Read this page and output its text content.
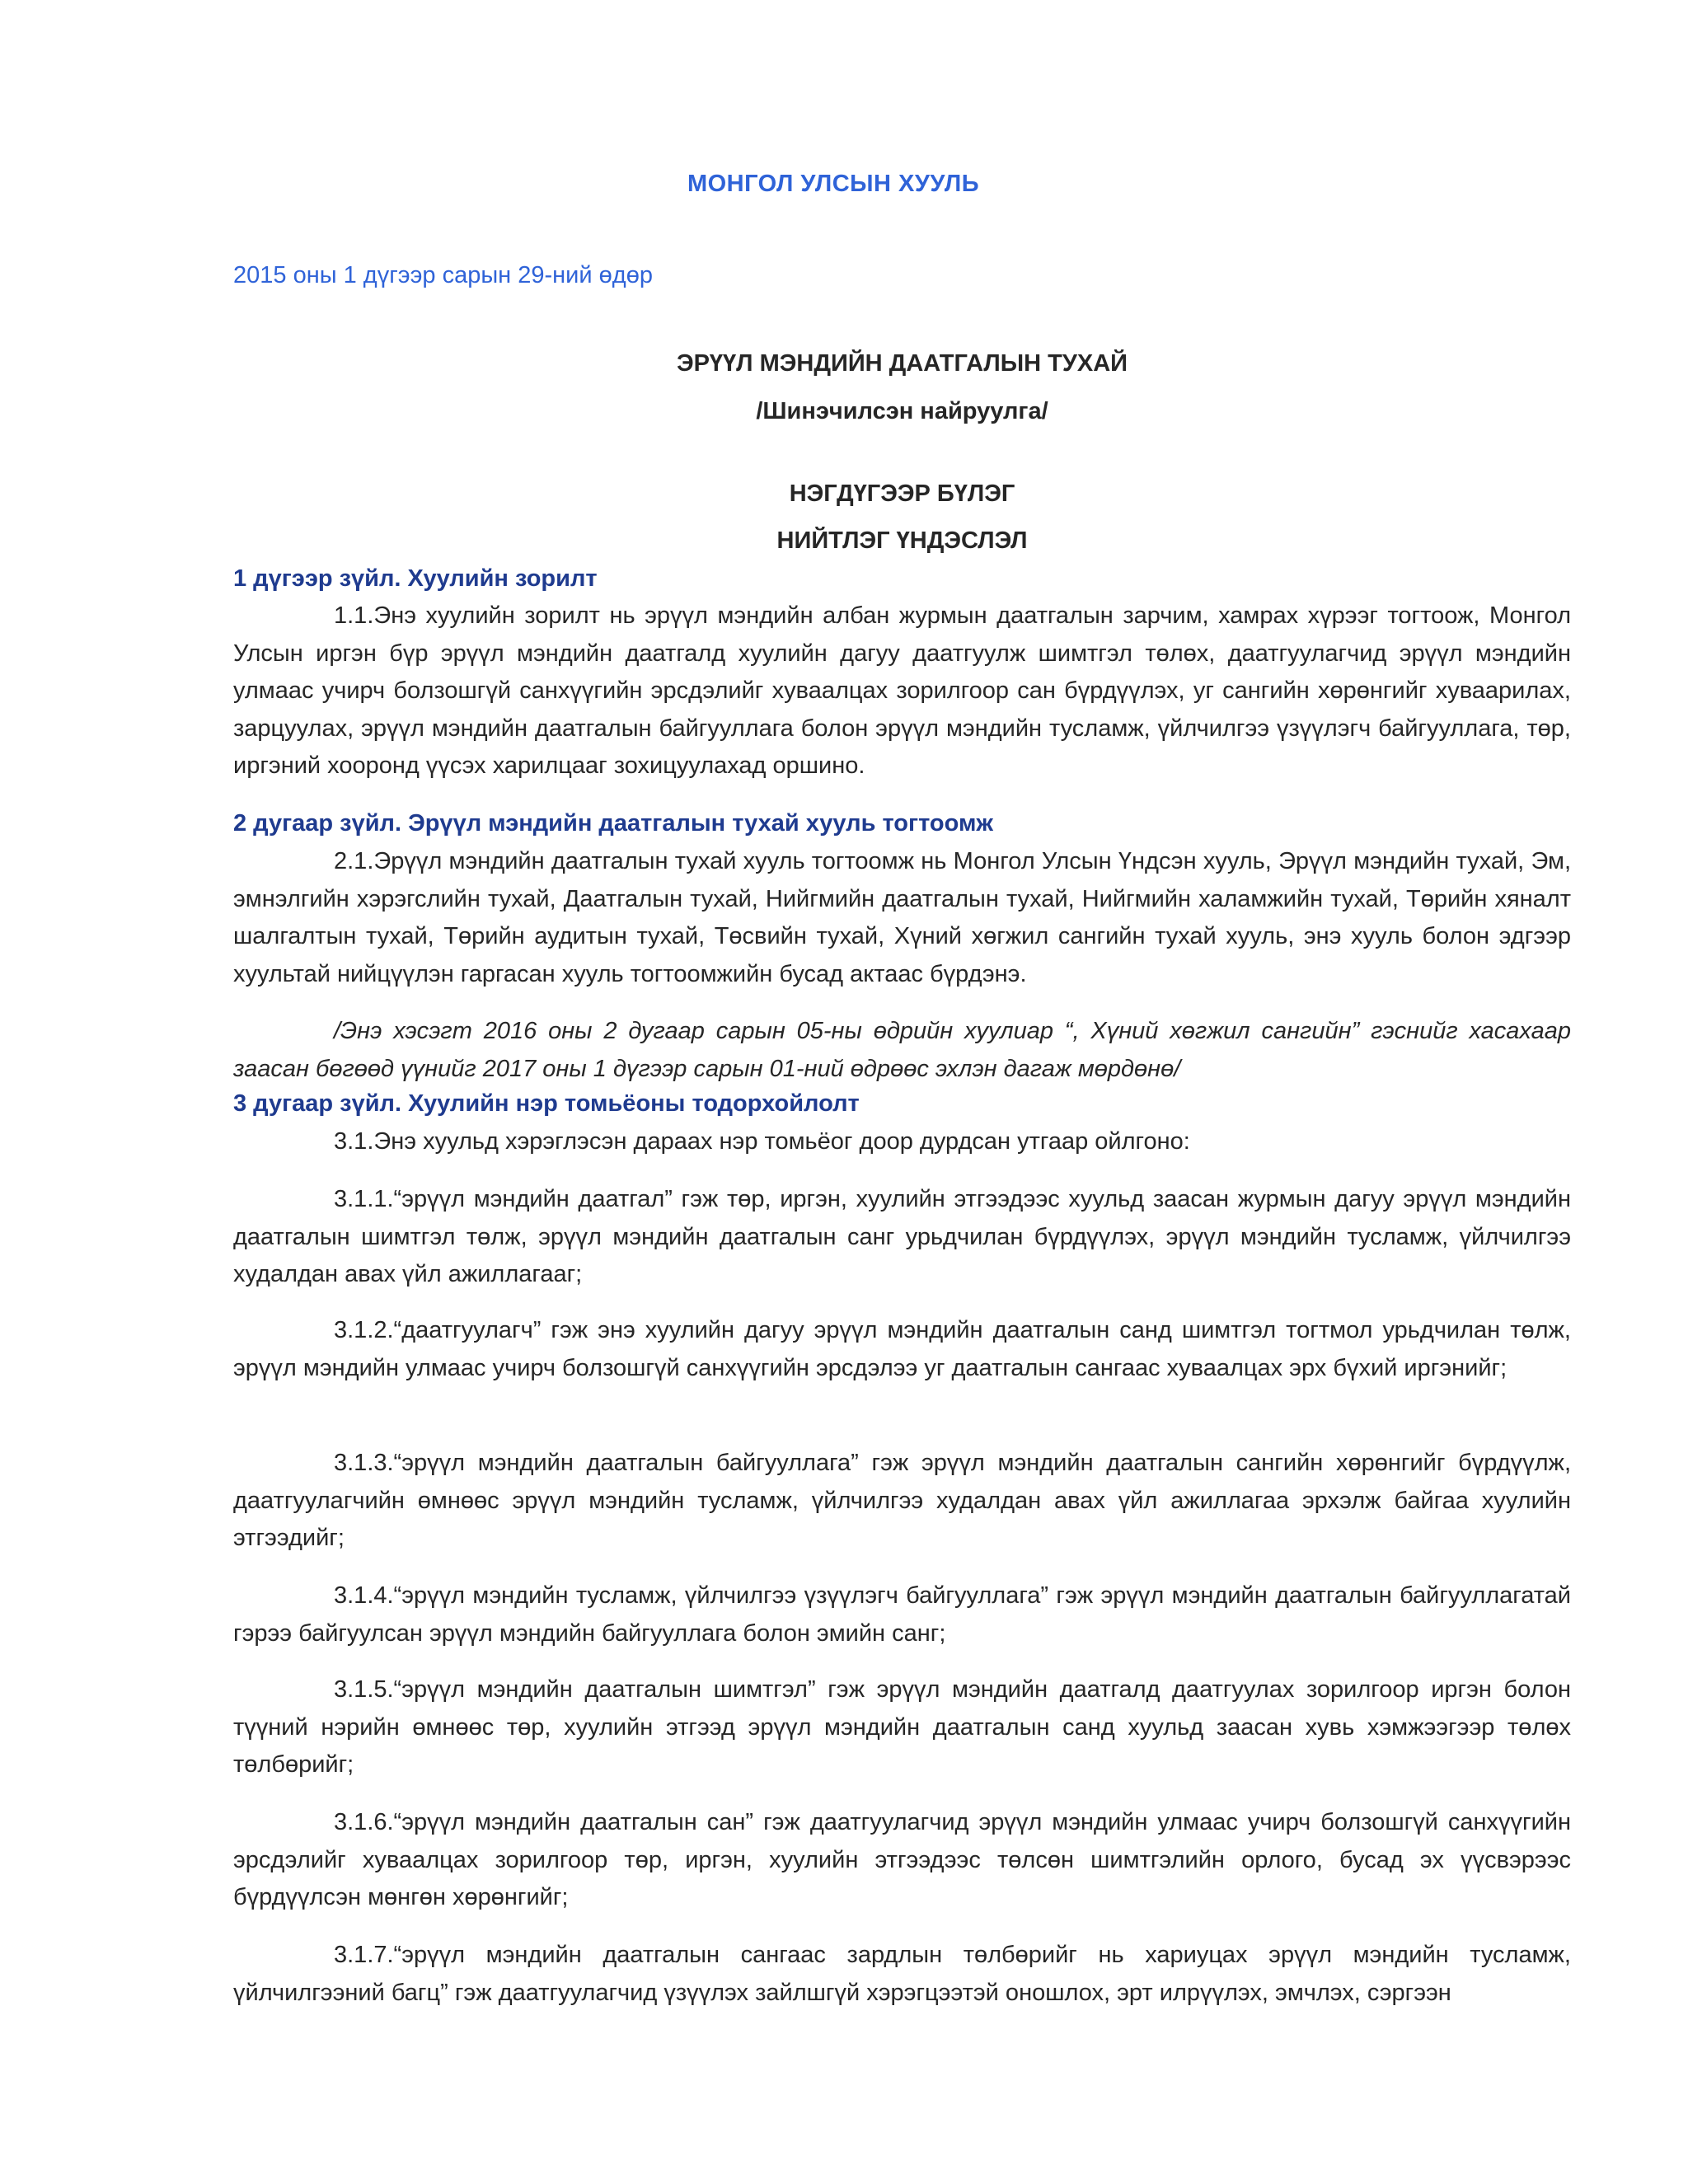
МОНГОЛ УЛСЫН ХУУЛЬ
2015 оны 1 дүгээр сарын 29-ний өдөр
ЭРҮҮЛ МЭНДИЙН ДААТГАЛЫН ТУХАЙ
/Шинэчилсэн найруулга/
НЭГДҮГЭЭР БҮЛЭГ
НИЙТЛЭГ ҮНДЭСЛЭЛ
1 дүгээр зүйл. Хуулийн зорилт

1.1.Энэ хуулийн зорилт нь эрүүл мэндийн албан журмын даатгалын зарчим, хамрах хүрээг тогтоож, Монгол Улсын иргэн бүр эрүүл мэндийн даатгалд хуулийн дагуу даатгуулж шимтгэл төлөх, даатгуулагчид эрүүл мэндийн улмаас учирч болзошгүй санхүүгийн эрсдэлийг хуваалцах зорилгоор сан бүрдүүлэх, уг сангийн хөрөнгийг хуваарилах, зарцуулах, эрүүл мэндийн даатгалын байгууллага болон эрүүл мэндийн тусламж, үйлчилгээ үзүүлэгч байгууллага, төр, иргэний хооронд үүсэх харилцааг зохицуулахад оршино.

2 дугаар зүйл. Эрүүл мэндийн даатгалын тухай хууль тогтоомж

2.1.Эрүүл мэндийн даатгалын тухай хууль тогтоомж нь Монгол Улсын Үндсэн хууль, Эрүүл мэндийн тухай, Эм, эмнэлгийн хэрэгслийн тухай, Даатгалын тухай, Нийгмийн даатгалын тухай, Нийгмийн халамжийн тухай, Төрийн хяналт шалгалтын тухай, Төрийн аудитын тухай, Төсвийн тухай, Хүний хөгжил сангийн тухай хууль, энэ хууль болон эдгээр хуультай нийцүүлэн гаргасан хууль тогтоомжийн бусад актаас бүрдэнэ.

/Энэ хэсэгт 2016 оны 2 дугаар сарын 05-ны өдрийн хуулиар “, Хүний хөгжил сангийн” гэснийг хасахаар заасан бөгөөд үүнийг 2017 оны 1 дүгээр сарын 01-ний өдрөөс эхлэн дагаж мөрдөнө/

3 дугаар зүйл. Хуулийн нэр томьёоны тодорхойлолт

3.1.Энэ хуульд хэрэглэсэн дараах нэр томьёог доор дурдсан утгаар ойлгоно:

3.1.1.“эрүүл мэндийн даатгал” гэж төр, иргэн, хуулийн этгээдээс хуульд заасан журмын дагуу эрүүл мэндийн даатгалын шимтгэл төлж, эрүүл мэндийн даатгалын санг урьдчилан бүрдүүлэх, эрүүл мэндийн тусламж, үйлчилгээ худалдан авах үйл ажиллагааг;

3.1.2.“даатгуулагч” гэж энэ хуулийн дагуу эрүүл мэндийн даатгалын санд шимтгэл тогтмол урьдчилан төлж, эрүүл мэндийн улмаас учирч болзошгүй санхүүгийн эрсдэлээ уг даатгалын сангаас хуваалцах эрх бүхий иргэнийг;

3.1.3.“эрүүл мэндийн даатгалын байгууллага” гэж эрүүл мэндийн даатгалын сангийн хөрөнгийг бүрдүүлж, даатгуулагчийн өмнөөс эрүүл мэндийн тусламж, үйлчилгээ худалдан авах үйл ажиллагаа эрхэлж байгаа хуулийн этгээдийг;

3.1.4.“эрүүл мэндийн тусламж, үйлчилгээ үзүүлэгч байгууллага” гэж эрүүл мэндийн даатгалын байгууллагатай гэрээ байгуулсан эрүүл мэндийн байгууллага болон эмийн санг;

3.1.5.“эрүүл мэндийн даатгалын шимтгэл” гэж эрүүл мэндийн даатгалд даатгуулах зорилгоор иргэн болон түүний нэрийн өмнөөс төр, хуулийн этгээд эрүүл мэндийн даатгалын санд хуульд заасан хувь хэмжээгээр төлөх төлбөрийг;

3.1.6.“эрүүл мэндийн даатгалын сан” гэж даатгуулагчид эрүүл мэндийн улмаас учирч болзошгүй санхүүгийн эрсдэлийг хуваалцах зорилгоор төр, иргэн, хуулийн этгээдээс төлсөн шимтгэлийн орлого, бусад эх үүсвэрээс бүрдүүлсэн мөнгөн хөрөнгийг;

3.1.7.“эрүүл мэндийн даатгалын сангаас зардлын төлбөрийг нь хариуцах эрүүл мэндийн тусламж, үйлчилгээний багц” гэж даатгуулагчид үзүүлэх зайлшгүй хэрэгцээтэй оношлох, эрт илрүүлэх, эмчлэх, сэргээн
